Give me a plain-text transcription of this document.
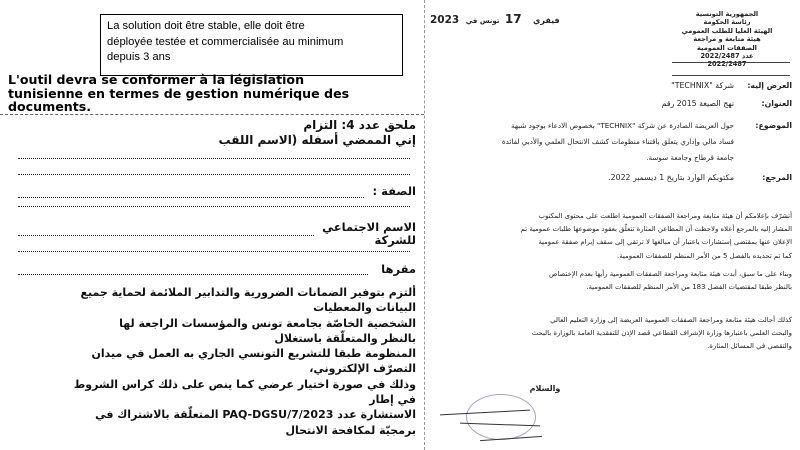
La solution doit être stable, elle doit être
déployée testée et commercialisée au minimum
depuis 3 ans
L'outil devra se conformer à la législation
tunisienne en termes de gestion numérique des
documents.
ملحق عدد 4: التزام
إني الممضي أسفله (الاسم اللقب
الصفة :
الاسم الاجتماعي
للشركة
مقرها
ألتزم بتوفير الضمانات الضرورية والتدابير الملائمة لحماية جميع
البيانات والمعطيات
الشخصية الخاصّة بجامعة تونس والمؤسسات الراجعة لها
بالنظر والمتعلّقة باستغلال
المنظومة طبقا للتشريع التونسي الجاري به العمل في ميدان
التصرّف الإلكتروني،
وذلك في صورة اختيار عرضي كما ينص على ذلك كراس الشروط
في إطار
الاستشارة عدد PAQ-DGSU/7/2023 المتعلّقة بالاشتراك في
برمجيّة لمكافحة الانتحال
2023	فيفري 17 تونس في
الجمهورية التونسية
رئاسة الحكومة
الهيئة العليا للطلب العمومي
هيئة متابعة و مراجعة
الصفقات العمومية
عدد 2022/2487
2022/2487
العرض إليه:
شركة "TECHNIX"
العنوان:
نهج الصيغة 2015 رقم
الموضوع:
حول العريضة الصادرة عن شركة "TECHNIX" بخصوص الادعاء بوجود شبهة
فساد مالي وإداري يتعلق باقتناء منظومات كشف الانتحال العلمي والأدبي لفائدة
جامعة قرطاج وجامعة سوسة.
المرجع:
مكتوبكم الوارد بتاريخ 1 ديسمبر 2022.
أتشرّف بإعلامكم أن هيئة متابعة ومراجعة الصفقات العمومية اطلعت على محتوى المكتوب
المشار إليه بالمرجع أعلاه ولاحظت أن المطاعن المثارة تتعلّق بعقود موضوعها طلبات عمومية تم
الإعلان عنها بمقتضى إستشارات باعتبار أن مبالغها لا ترتقي إلى سقف إبرام صفقة عمومية
كما تم تحديده بالفصل 5 من الأمر المنظم للصفقات العمومية.
وبناء على ما سبق، أبدت هيئة متابعة ومراجعة الصفقات العمومية رأيها بعدم الإختصاص
بالنظر طبقا لمقتضيات الفصل 183 من الأمر المنظم للصفقات العمومية.
كذلك أحالت هيئة متابعة ومراجعة الصفقات العمومية العريضة إلى وزارة التعليم العالي
والبحث العلمي باعتبارها وزارة الإشراف القطاعي قصد الإذن للتفقدية العامة بالوزارة بالبحث
والتقصي في المسائل المثارة.
والسلام
